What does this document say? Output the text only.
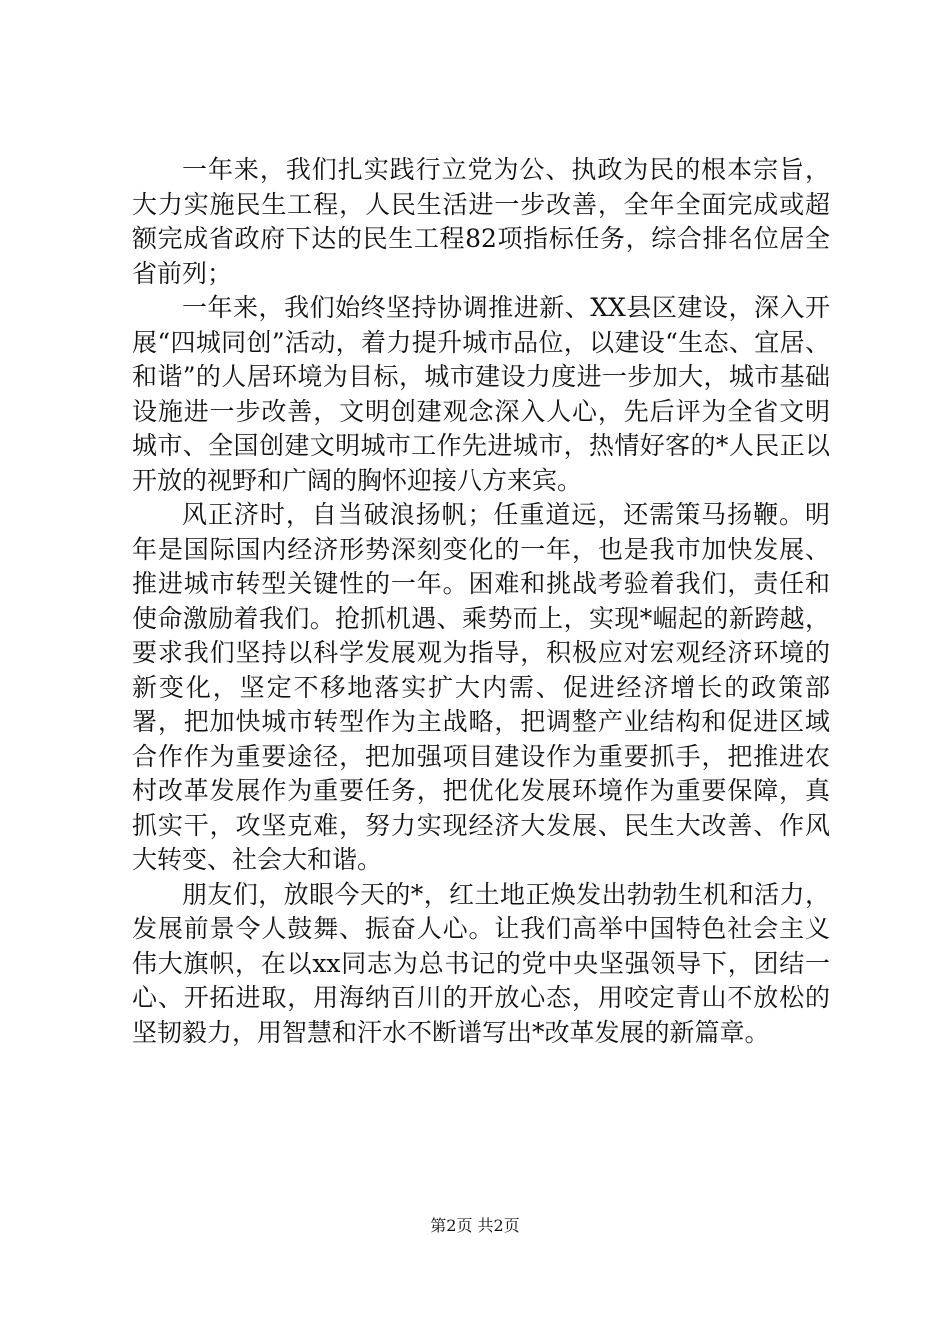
一年来，我们扎实践行立党为公、执政为民的根本宗旨，大力实施民生工程，人民生活进一步改善，全年全面完成或超额完成省政府下达的民生工程82项指标任务，综合排名位居全省前列；

一年来，我们始终坚持协调推进新、XX县区建设，深入开展“四城同创”活动，着力提升城市品位，以建设“生态、宜居、和谐”的人居环境为目标，城市建设力度进一步加大，城市基础设施进一步改善，文明创建观念深入人心，先后评为全省文明城市、全国创建文明城市工作先进城市，热情好客的*人民正以开放的视野和广阔的胸怀迎接八方来宾。

风正济时，自当破浪扬帆；任重道远，还需策马扬鞭。明年是国际国内经济形势深刻变化的一年，也是我市加快发展、推进城市转型关键性的一年。困难和挑战考验着我们，责任和使命激励着我们。抢抓机遇、乘势而上，实现*崛起的新跨越，要求我们坚持以科学发展观为指导，积极应对宏观经济环境的新变化，坚定不移地落实扩大内需、促进经济增长的政策部署，把加快城市转型作为主战略，把调整产业结构和促进区域合作作为重要途径，把加强项目建设作为重要抓手，把推进农村改革发展作为重要任务，把优化发展环境作为重要保障，真抓实干，攻坚克难，努力实现经济大发展、民生大改善、作风大转变、社会大和谐。

朋友们，放眼今天的*，红土地正焕发出勃勃生机和活力，发展前景令人鼓舞、振奋人心。让我们高举中国特色社会主义伟大旗帜，在以xx同志为总书记的党中央坚强领导下，团结一心、开拓进取，用海纳百川的开放心态，用咬定青山不放松的坚韧毅力，用智慧和汗水不断谱写出*改革发展的新篇章。

第2页 共2页
